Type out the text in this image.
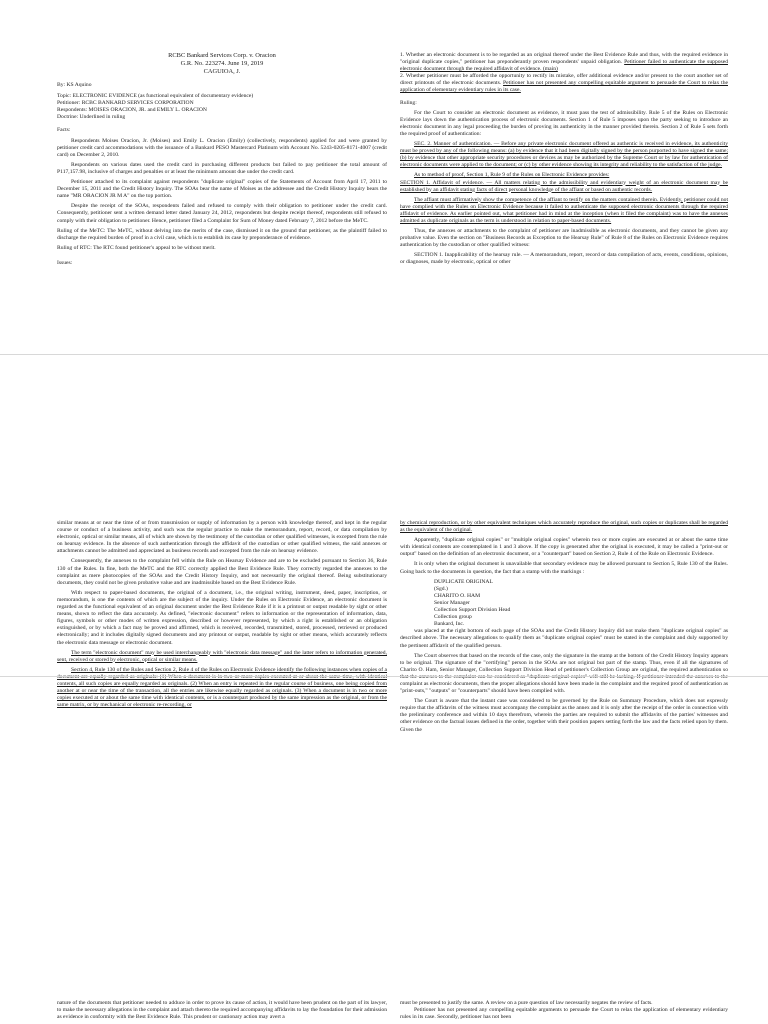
RCBC Bankard Services Corp. v. Oracion
G.R. No. 223274. June 19, 2019
CAGUIOA, J.
By: KS Aquino
Topic: ELECTRONIC EVIDENCE (as functional equivalent of documentary evidence)
Petitioner: RCBC BANKARD SERVICES CORPORATION
Respondents: MOISES ORACION, JR. and EMILY L. ORACION
Doctrine: Underlined in ruling
Facts:
Respondents Moises Oracion, Jr. (Moises) and Emily L. Oracion (Emily) (collectively, respondents) applied for and were granted by petitioner credit card accommodations with the issuance of a Bankard PESO Mastercard Platinum with Account No. 5243-0205-8171-4007 (credit card) on December 2, 2010.
Respondents on various dates used the credit card in purchasing different products but failed to pay petitioner the total amount of P117,157.98, inclusive of charges and penalties or at least the minimum amount due under the credit card.
Petitioner attached to its complaint against respondents "duplicate original" copies of the Statements of Account from April 17, 2011 to December 15, 2011 and the Credit History Inquiry. The SOAs bear the name of Moises as the addressee and the Credit History Inquiry bears the name "MR ORACION JR M A" on the top portion.
Despite the receipt of the SOAs, respondents failed and refused to comply with their obligation to petitioner under the credit card. Consequently, petitioner sent a written demand letter dated January 24, 2012, respondents but despite receipt thereof, respondents still refused to comply with their obligation to petitioner. Hence, petitioner filed a Complaint for Sum of Money dated February 7, 2012 before the MeTC.
Ruling of the MeTC: The MeTC, without delving into the merits of the case, dismissed it on the ground that petitioner, as the plaintiff failed to discharge the required burden of proof in a civil case, which is to establish its case by preponderance of evidence.
Ruling of RTC: The RTC found petitioner's appeal to be without merit.
Issues:
1. Whether an electronic document is to be regarded as an original thereof under the Best Evidence Rule and thus, with the required evidence in "original duplicate copies," petitioner has preponderantly proven respondents' unpaid obligation. Petitioner failed to authenticate the supposed electronic document through the required affidavit of evidence. (main)
2. Whether petitioner must be afforded the opportunity to rectify its mistake, offer additional evidence and/or present to the court another set of direct printouts of the electronic documents. Petitioner has not presented any compelling equitable argument to persuade the Court to relax the application of elementary evidentiary rules in its case.
Ruling:
For the Court to consider an electronic document as evidence, it must pass the test of admissibility. Rule 5 of the Rules on Electronic Evidence lays down the authentication process of electronic documents. Section 1 of Rule 5 imposes upon the party seeking to introduce an electronic document in any legal proceeding the burden of proving its authenticity in the manner provided therein. Section 2 of Rule 5 sets forth the required proof of authentication:
SEC. 2. Manner of authentication. — Before any private electronic document offered as authentic is received in evidence, its authenticity must be proved by any of the following means: (a) by evidence that it had been digitally signed by the person purported to have signed the same; (b) by evidence that other appropriate security procedures or devices as may be authorized by the Supreme Court or by law for authentication of electronic documents were applied to the document; or (c) by other evidence showing its integrity and reliability to the satisfaction of the judge.
As to method of proof, Section 1, Rule 9 of the Rules on Electronic Evidence provides:
SECTION 1. Affidavit of evidence. — All matters relating to the admissibility and evidentiary weight of an electronic document may be established by an affidavit stating facts of direct personal knowledge of the affiant or based on authentic records.
The affiant must affirmatively show the competence of the affiant to testify on the matters contained therein. Evidently, petitioner could not have complied with the Rules on Electronic Evidence because it failed to authenticate the supposed electronic documents through the required affidavit of evidence. As earlier pointed out, what petitioner had in mind at the inception (when it filed the complaint) was to have the annexes admitted as duplicate originals as the term is understood in relation to paper-based documents.
Thus, the annexes or attachments to the complaint of petitioner are inadmissible as electronic documents, and they cannot be given any probative value. Even the section on "Business Records as Exception to the Hearsay Rule" of Rule 8 of the Rules on Electronic Evidence requires authentication by the custodian or other qualified witness:
SECTION 1. Inapplicability of the hearsay rule. — A memorandum, report, record or data compilation of acts, events, conditions, opinions, or diagnoses, made by electronic, optical or other
similar means at or near the time of or from transmission or supply of information by a person with knowledge thereof, and kept in the regular course or conduct of a business activity, and such was the regular practice to make the memorandum, report, record, or data compilation by electronic, optical or similar means, all of which are shown by the testimony of the custodian or other qualified witnesses, is excepted from the rule on hearsay evidence. In the absence of such authentication through the affidavit of the custodian or other qualified witness, the said annexes or attachments cannot be admitted and appreciated as business records and excepted from the rule on hearsay evidence.
Consequently, the annexes to the complaint fell within the Rule on Hearsay Evidence and are to be excluded pursuant to Section 36, Rule 130 of the Rules. In fine, both the MeTC and the RTC correctly applied the Best Evidence Rule. They correctly regarded the annexes to the complaint as mere photocopies of the SOAs and the Credit History Inquiry, and not necessarily the original thereof. Being substitutionary documents, they could not be given probative value and are inadmissible based on the Best Evidence Rule.
With respect to paper-based documents, the original of a document, i.e., the original writing, instrument, deed, paper, inscription, or memorandum, is one the contents of which are the subject of the inquiry. Under the Rules on Electronic Evidence, an electronic document is regarded as the functional equivalent of an original document under the Best Evidence Rule if it is a printout or output readable by sight or other means, shown to reflect the data accurately. As defined, "electronic document" refers to information or the representation of information, data, figures, symbols or other modes of written expression, described or however represented, by which a right is established or an obligation extinguished, or by which a fact may be proved and affirmed, which is received, recorded, transmitted, stored, processed, retrieved or produced electronically; and it includes digitally signed documents and any printout or output, readable by sight or other means, which accurately reflects the electronic data message or electronic document.
The term "electronic document" may be used interchangeably with "electronic data message" and the latter refers to information generated, sent, received or stored by electronic, optical or similar means.
Section 4, Rule 130 of the Rules and Section 2, Rule 4 of the Rules on Electronic Evidence identify the following instances when copies of a contents, all such copies are equally regarded as originals. (2) When an entry is repeated in the regular course of business, one being copied from another at or near the time of the transaction, all the entries are likewise equally regarded as originals. (3) When a document is in two or more copies executed at or about the same time with identical contents, or is a counterpart produced by the same impression as the original, or from the same matrix, or by mechanical or electronic re-recording, or
by chemical reproduction, or by other equivalent techniques which accurately reproduce the original, such copies or duplicates shall be regarded as the equivalent of the original.
Apparently, "duplicate original copies" or "multiple original copies" wherein two or more copies are executed at or about the same time with identical contents are contemplated in 1 and 3 above. If the copy is generated after the original is executed, it may be called a "print-out or output" based on the definition of an electronic document, or a "counterpart" based on Section 2, Rule 4 of the Rule on Electronic Evidence.
It is only when the original document is unavailable that secondary evidence may be allowed pursuant to Section 5, Rule 130 of the Rules. Going back to the documents in question, the fact that a stamp with the markings :
DUPLICATE ORIGINAL
(Sgd.)
CHARITO O. HAM
Senior Manager
Collection Support Division Head
Collection group
Bankard, Inc.
was placed at the right bottom of each page of the SOAs and the Credit History Inquiry did not make them "duplicate original copies" as described above. The necessary allegations to qualify them as "duplicate original copies" must be stated in the complaint and duly supported by the pertinent affidavit of the qualified person.
The Court observes that based on the records of the case, only the signature in the stamp at the bottom of the Credit History Inquiry appears to be original. The signature of the "certifying" person in the SOAs are not original but part of the stamp. Thus, even if all the signatures of Charito O. Ham, Senior Manager, Collection Support Division Head of petitioner's Collection Group are original, the required authentication so complaint as electronic documents, then the proper allegations should have been made in the complaint and the required proof of authentication as "print-outs," "outputs" or "counterparts" should have been complied with.
The Court is aware that the instant case was considered to be governed by the Rule on Summary Procedure, which does not expressly require that the affidavits of the witness must accompany the complaint as the annex and it is only after the receipt of the order in connection with the preliminary conference and within 10 days therefrom, wherein the parties are required to submit the affidavits of the parties' witnesses and other evidence on the factual issues defined in the order, together with their position papers setting forth the law and the facts relied upon by them. Given the
nature of the documents that petitioner needed to adduce in order to prove its cause of action, it would have been prudent on the part of its lawyer, to make the necessary allegations in the complaint and attach thereto the required accompanying affidavits to lay the foundation for their admission as evidence in conformity with the Best Evidence Rule. This prudent or cautionary action may avert a
must be presented to justify the same. A review on a pure question of law necessarily negates the review of facts.
Petitioner has not presented any compelling equitable arguments to persuade the Court to relax the application of elementary evidentiary rules in its case. Secondly, petitioner has not been
